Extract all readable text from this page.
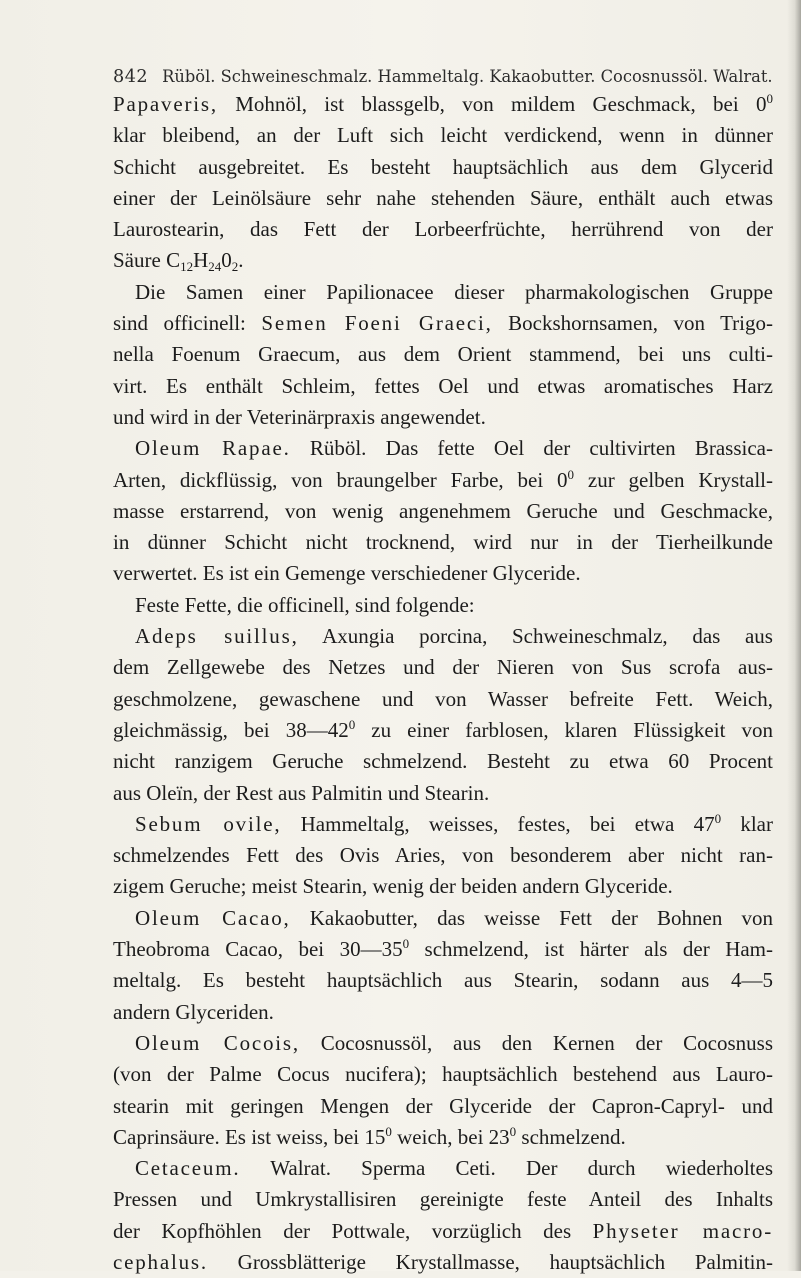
842 Rüböl. Schweineschmalz. Hammeltalg. Kakaobutter. Cocosnussöl. Walrat.
Papaveris, Mohnöl, ist blassgelb, von mildem Geschmack, bei $0^0$
klar bleibend, an der Luft sich leicht verdickend, wenn in dünner
Schicht ausgebreitet. Es besteht hauptsächlich aus dem Glycerid
einer der Leinölsäure sehr nahe stehenden Säure, enthält auch etwas
Laurostearin, das Fett der Lorbeerfrüchte, herrührend von der
Säure $C_{12}H_{24}0_2$.
Die Samen einer Papilionacee dieser pharmakologischen Gruppe
sind officinell: Semen Foeni Graeci, Bockshornsamen, von Trigo-
nella Foenum Graecum, aus dem Orient stammend, bei uns culti-
virt. Es enthält Schleim, fettes Oel und etwas aromatisches Harz
und wird in der Veterinärpraxis angewendet.
Oleum Rapae. Rüböl. Das fette Oel der cultivirten Brassica-
Arten, dickflüssig, von braungelber Farbe, bei $0^0$ zur gelben Krystall-
masse erstarrend, von wenig angenehmem Geruche und Geschmacke,
in dünner Schicht nicht trocknend, wird nur in der Tierheilkunde
verwertet. Es ist ein Gemenge verschiedener Glyceride.
Feste Fette, die officinell, sind folgende:
Adeps suillus, Axungia porcina, Schweineschmalz, das aus
dem Zellgewebe des Netzes und der Nieren von Sus scrofa aus-
geschmolzene, gewaschene und von Wasser befreite Fett. Weich,
gleichmässig, bei $38—42^0$ zu einer farblosen, klaren Flüssigkeit von
nicht ranzigem Geruche schmelzend. Besteht zu etwa 60 Procent
aus Oleïn, der Rest aus Palmitin und Stearin.
Sebum ovile, Hammeltalg, weisses, festes, bei etwa $47^0$ klar
schmelzendes Fett des Ovis Aries, von besonderem aber nicht ran-
zigem Geruche; meist Stearin, wenig der beiden andern Glyceride.
Oleum Cacao, Kakaobutter, das weisse Fett der Bohnen von
Theobroma Cacao, bei $30—35^0$ schmelzend, ist härter als der Ham-
meltalg. Es besteht hauptsächlich aus Stearin, sodann aus 4—5
andern Glyceriden.
Oleum Cocois, Cocosnussöl, aus den Kernen der Cocosnuss
(von der Palme Cocus nucifera); hauptsächlich bestehend aus Lauro-
stearin mit geringen Mengen der Glyceride der Capron-Capryl- und
Caprinsäure. Es ist weiss, bei $15^0$ weich, bei $23^0$ schmelzend.
Cetaceum. Walrat. Sperma Ceti. Der durch wiederholtes
Pressen und Umkrystallisiren gereinigte feste Anteil des Inhalts
der Kopfhöhlen der Pottwale, vorzüglich des Physeter macro-
cephalus. Grossblätterige Krystallmasse, hauptsächlich Palmitin-
